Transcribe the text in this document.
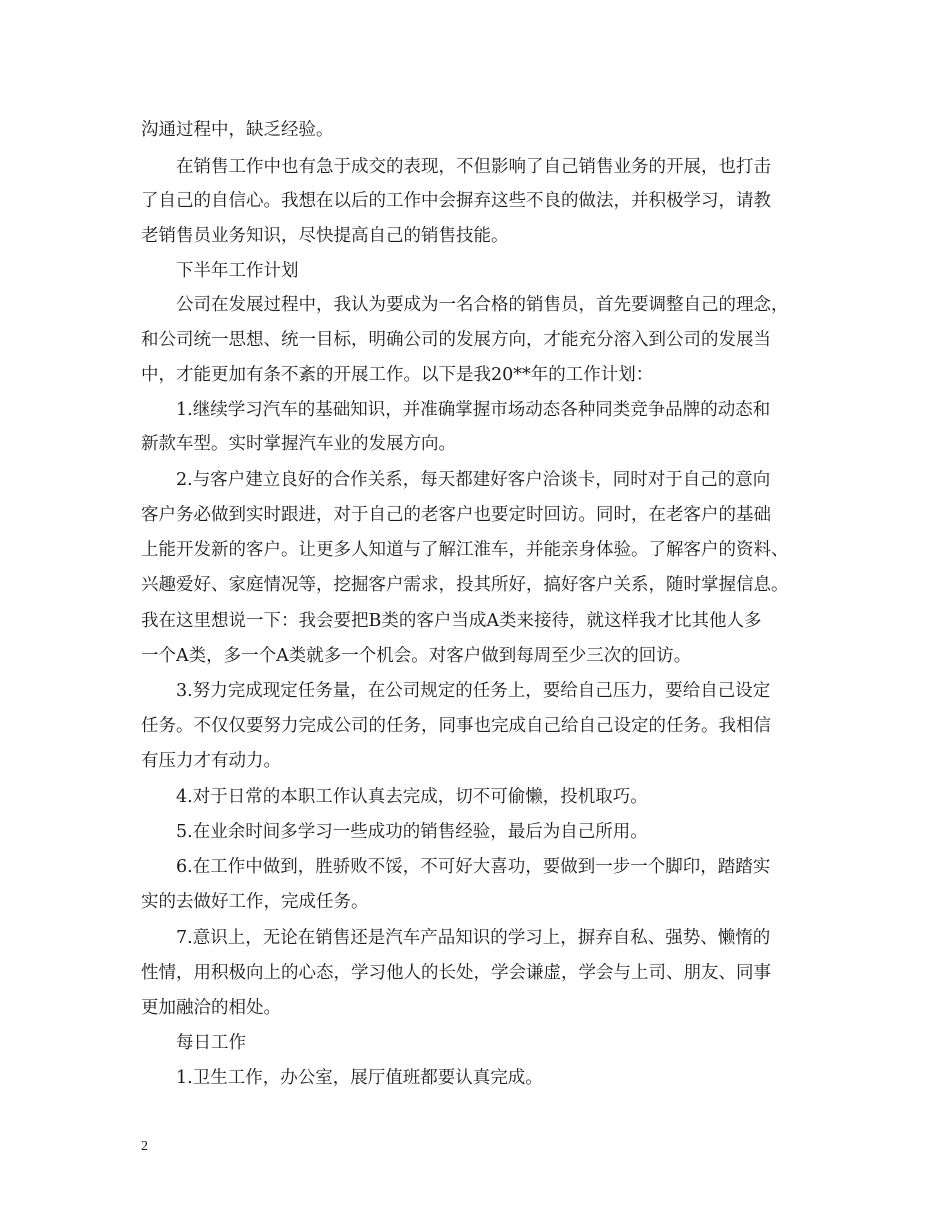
沟通过程中，缺乏经验。
在销售工作中也有急于成交的表现，不但影响了自己销售业务的开展，也打击
了自己的自信心。我想在以后的工作中会摒弃这些不良的做法，并积极学习，请教
老销售员业务知识，尽快提高自己的销售技能。
下半年工作计划
公司在发展过程中，我认为要成为一名合格的销售员，首先要调整自己的理念，
和公司统一思想、统一目标，明确公司的发展方向，才能充分溶入到公司的发展当
中，才能更加有条不紊的开展工作。以下是我20**年的工作计划：
1.继续学习汽车的基础知识，并准确掌握市场动态各种同类竞争品牌的动态和
新款车型。实时掌握汽车业的发展方向。
2.与客户建立良好的合作关系，每天都建好客户洽谈卡，同时对于自己的意向
客户务必做到实时跟进，对于自己的老客户也要定时回访。同时，在老客户的基础
上能开发新的客户。让更多人知道与了解江淮车，并能亲身体验。了解客户的资料、
兴趣爱好、家庭情况等，挖掘客户需求，投其所好，搞好客户关系，随时掌握信息。
我在这里想说一下：我会要把B类的客户当成A类来接待，就这样我才比其他人多
一个A类，多一个A类就多一个机会。对客户做到每周至少三次的回访。
3.努力完成现定任务量，在公司规定的任务上，要给自己压力，要给自己设定
任务。不仅仅要努力完成公司的任务，同事也完成自己给自己设定的任务。我相信
有压力才有动力。
4.对于日常的本职工作认真去完成，切不可偷懒，投机取巧。
5.在业余时间多学习一些成功的销售经验，最后为自己所用。
6.在工作中做到，胜骄败不馁，不可好大喜功，要做到一步一个脚印，踏踏实
实的去做好工作，完成任务。
7.意识上，无论在销售还是汽车产品知识的学习上，摒弃自私、强势、懒惰的
性情，用积极向上的心态，学习他人的长处，学会谦虚，学会与上司、朋友、同事
更加融洽的相处。
每日工作
1.卫生工作，办公室，展厅值班都要认真完成。
2
